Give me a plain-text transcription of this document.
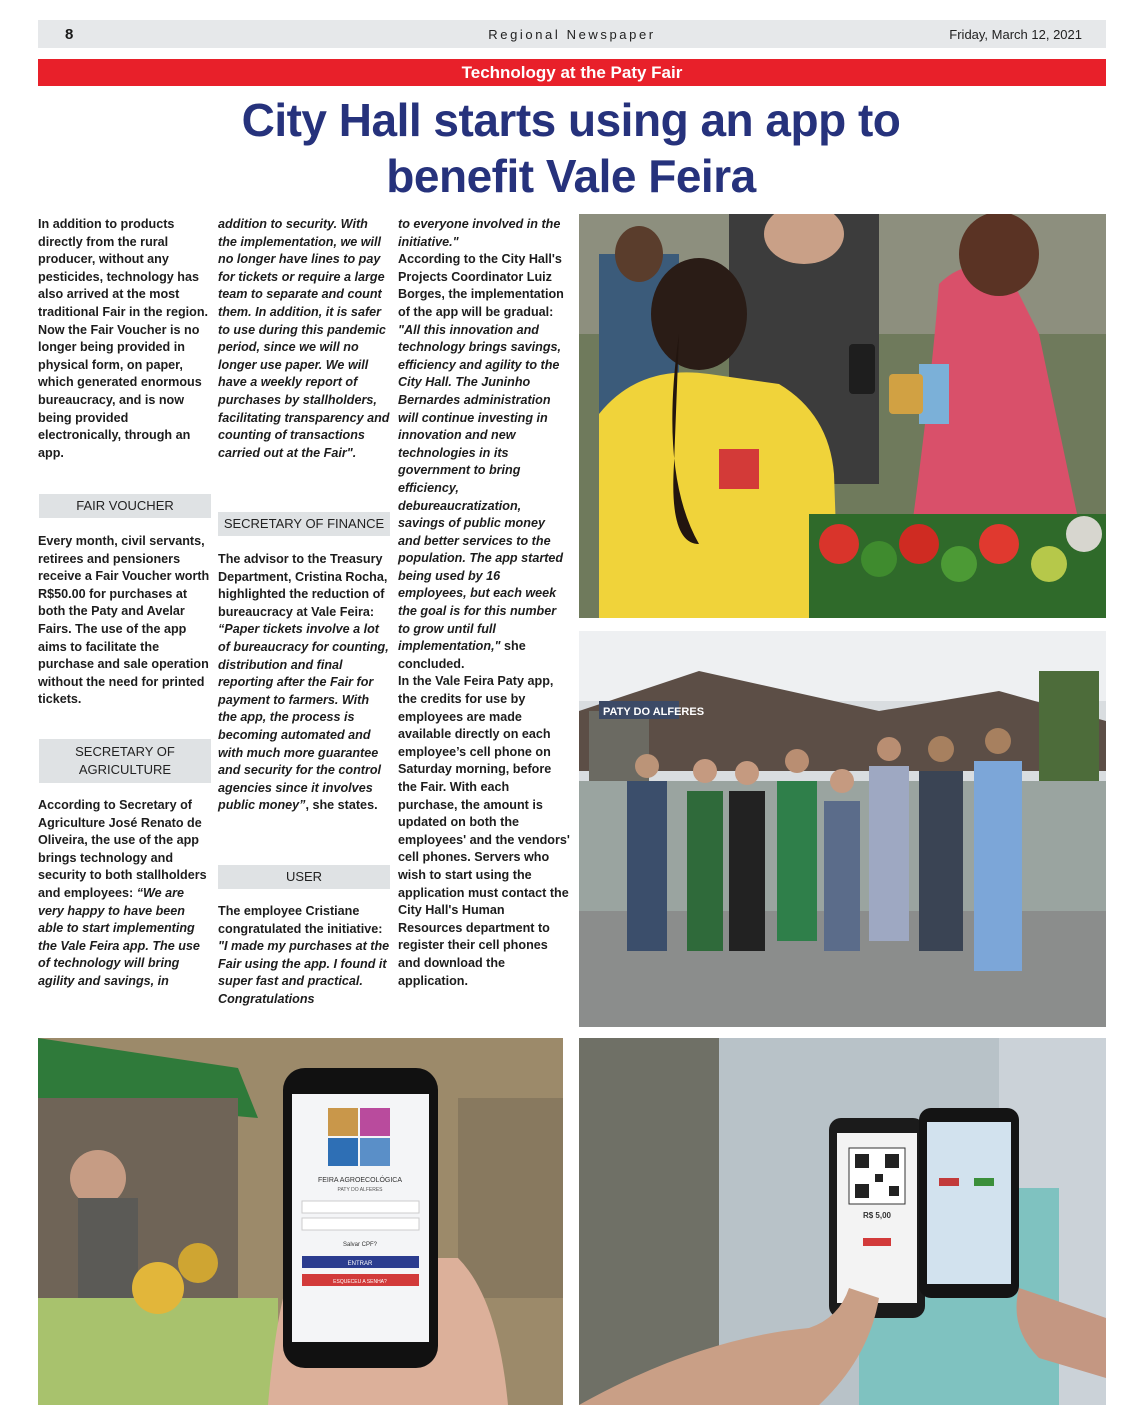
8	Regional Newspaper	Friday, March 12, 2021
Technology at the Paty Fair
City Hall starts using an app to
benefit Vale Feira

In addition to products directly from the rural producer, without any pesticides, technology has also arrived at the most traditional Fair in the region. Now the Fair Voucher is no longer being provided in physical form, on paper, which generated enormous bureaucracy, and is now being provided electronically, through an app.

FAIR VOUCHER

Every month, civil servants, retirees and pensioners receive a Fair Voucher worth R$50.00 for purchases at both the Paty and Avelar Fairs. The use of the app aims to facilitate the purchase and sale operation without the need for printed tickets.

SECRETARY OF AGRICULTURE

According to Secretary of Agriculture José Renato de Oliveira, the use of the app brings technology and security to both stallholders and employees: “We are very happy to have been able to start implementing the Vale Feira app. The use of technology will bring agility and savings, in

addition to security. With the implementation, we will no longer have lines to pay for tickets or require a large team to separate and count them. In addition, it is safer to use during this pandemic period, since we will no longer use paper. We will have a weekly report of purchases by stallholders, facilitating transparency and counting of transactions carried out at the Fair".

SECRETARY OF FINANCE

The advisor to the Treasury Department, Cristina Rocha, highlighted the reduction of bureaucracy at Vale Feira: “Paper tickets involve a lot of bureaucracy for counting, distribution and final reporting after the Fair for payment to farmers. With the app, the process is becoming automated and with much more guarantee and security for the control agencies since it involves public money”, she states.

USER

The employee Cristiane congratulated the initiative: "I made my purchases at the Fair using the app. I found it super fast and practical. Congratulations

to everyone involved in the initiative."

According to the City Hall's Projects Coordinator Luiz Borges, the implementation of the app will be gradual: "All this innovation and technology brings savings, efficiency and agility to the City Hall. The Juninho Bernardes administration will continue investing in innovation and new technologies in its government to bring efficiency, debureaucratization, savings of public money and better services to the population. The app started being used by 16 employees, but each week the goal is for this number to grow until full implementation," she concluded.

In the Vale Feira Paty app, the credits for use by employees are made available directly on each employee’s cell phone on Saturday morning, before the Fair. With each purchase, the amount is updated on both the employees' and the vendors' cell phones. Servers who wish to start using the application must contact the City Hall's Human Resources department to register their cell phones and download the application.

PATY DO ALFERES
FEIRA AGROECOLÓGICA
PATY DO ALFERES
Salvar CPF?
ENTRAR
ESQUECEU A SENHA?
R$ 5,00
